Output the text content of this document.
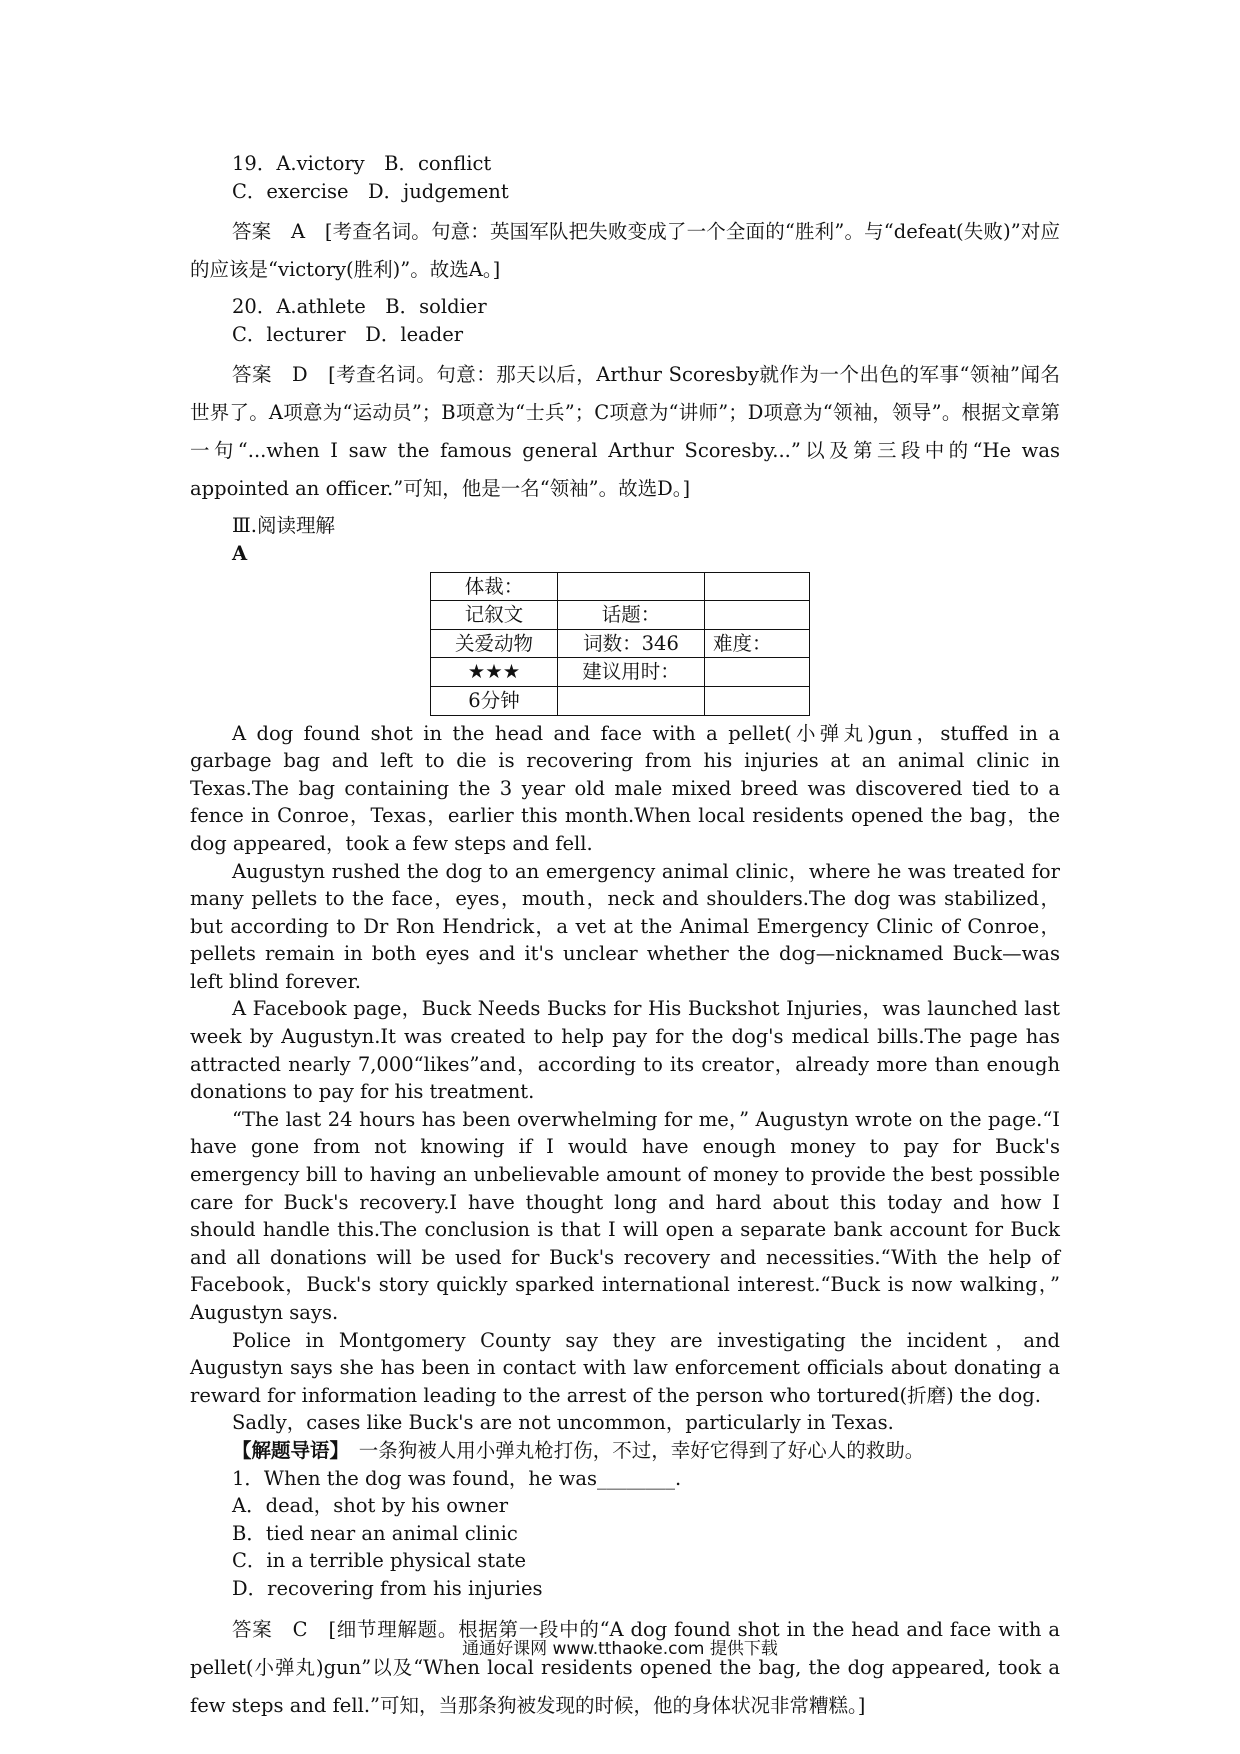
19．A.victory　B．conflict
C．exercise　D．judgement

答案　A　[考查名词。句意：英国军队把失败变成了一个全面的“胜利”。与“defeat(失败)”对应的应该是“victory(胜利)”。故选A。]

20．A.athlete　B．soldier
C．lecturer　D．leader

答案　D　[考查名词。句意：那天以后，Arthur Scoresby就作为一个出色的军事“领袖”闻名世界了。A项意为“运动员”；B项意为“士兵”；C项意为“讲师”；D项意为“领袖，领导”。根据文章第一句“...when I saw the famous general Arthur Scoresby...”以及第三段中的“He was appointed an officer.”可知，他是一名“领袖”。故选D。]

Ⅲ.阅读理解
A
体裁：		
记叙文	话题：	
关爱动物	词数：346	难度：
★★★	建议用时：	
6分钟		

A dog found shot in the head and face with a pellet(小弹丸)gun，stuffed in a garbage bag and left to die is recovering from his injuries at an animal clinic in Texas.The bag containing the 3 year old male mixed breed was discovered tied to a fence in Conroe，Texas，earlier this month.When local residents opened the bag，the dog appeared，took a few steps and fell.

Augustyn rushed the dog to an emergency animal clinic，where he was treated for many pellets to the face，eyes，mouth，neck and shoulders.The dog was stabilized，but according to Dr Ron Hendrick，a vet at the Animal Emergency Clinic of Conroe，pellets remain in both eyes and it's unclear whether the dog—nicknamed Buck—was left blind forever.

A Facebook page，Buck Needs Bucks for His Buckshot Injuries，was launched last week by Augustyn.It was created to help pay for the dog's medical bills.The page has attracted nearly 7,000“likes”and，according to its creator，already more than enough donations to pay for his treatment.

“The last 24 hours has been overwhelming for me，” Augustyn wrote on the page.“I have gone from not knowing if I would have enough money to pay for Buck's emergency bill to having an unbelievable amount of money to provide the best possible care for Buck's recovery.I have thought long and hard about this today and how I should handle this.The conclusion is that I will open a separate bank account for Buck and all donations will be used for Buck's recovery and necessities.“With the help of Facebook，Buck's story quickly sparked international interest.“Buck is now walking，” Augustyn says.

Police in Montgomery County say they are investigating the incident，and Augustyn says she has been in contact with law enforcement officials about donating a reward for information leading to the arrest of the person who tortured(折磨) the dog.

Sadly，cases like Buck's are not uncommon，particularly in Texas.

【解题导语】　一条狗被人用小弹丸枪打伤，不过，幸好它得到了好心人的救助。
1．When the dog was found，he was________.
A．dead，shot by his owner
B．tied near an animal clinic
C．in a terrible physical state
D．recovering from his injuries

答案　C　[细节理解题。根据第一段中的“A dog found shot in the head and face with a pellet(小弹丸)gun”以及“When local residents opened the bag, the dog appeared, took a few steps and fell.”可知，当那条狗被发现的时候，他的身体状况非常糟糕。]

通通好课网 www.tthaoke.com 提供下载
